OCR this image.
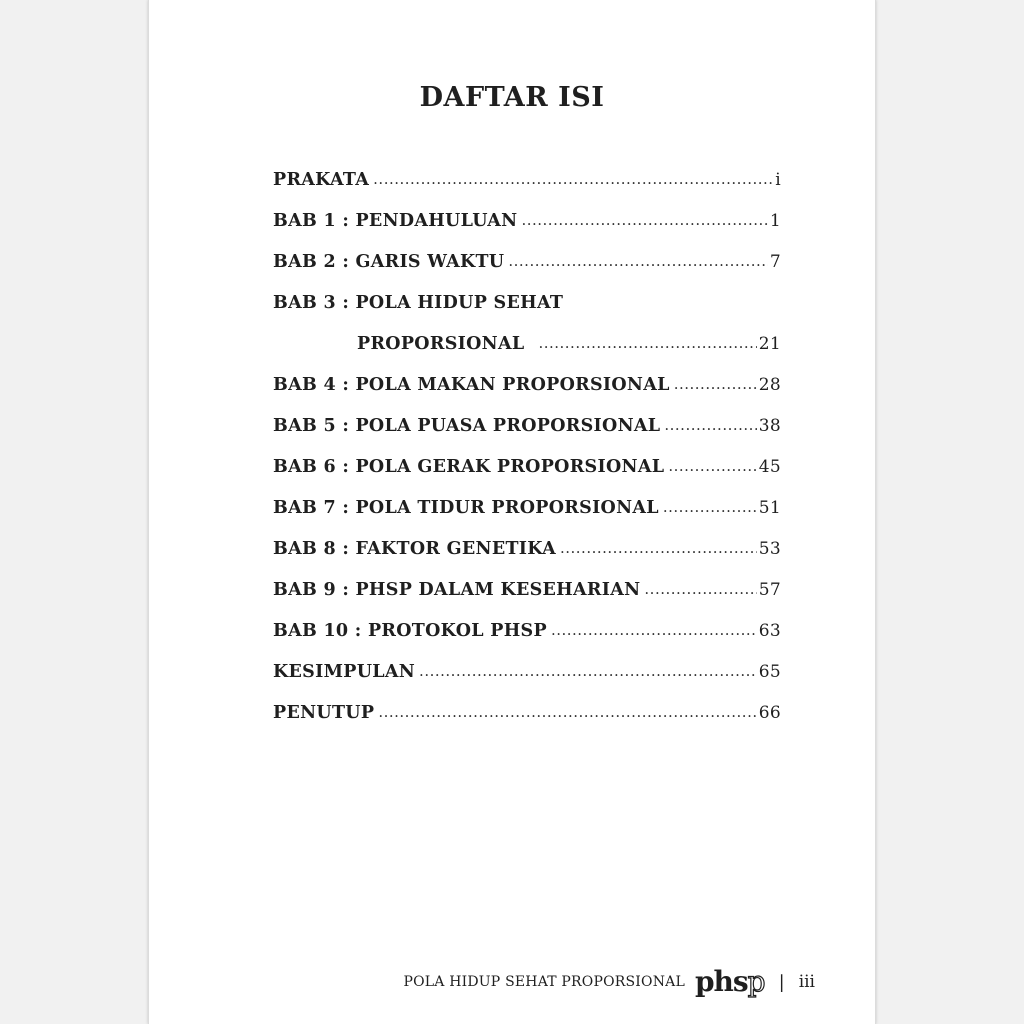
DAFTAR ISI
PRAKATA .....	i
BAB 1 : PENDAHULUAN .....	1
BAB 2 : GARIS WAKTU .....	7
BAB 3 : POLA HIDUP SEHAT
PROPORSIONAL .....	21
BAB 4 : POLA MAKAN PROPORSIONAL .....	28
BAB 5 : POLA PUASA PROPORSIONAL .....	38
BAB 6 : POLA GERAK PROPORSIONAL .....	45
BAB 7 : POLA TIDUR PROPORSIONAL .....	51
BAB 8 : FAKTOR GENETIKA .....	53
BAB 9 : PHSP DALAM KESEHARIAN .....	57
BAB 10 : PROTOKOL PHSP .....	63
KESIMPULAN .....	65
PENUTUP .....	66
POLA HIDUP SEHAT PROPORSIONAL phsp | iii
